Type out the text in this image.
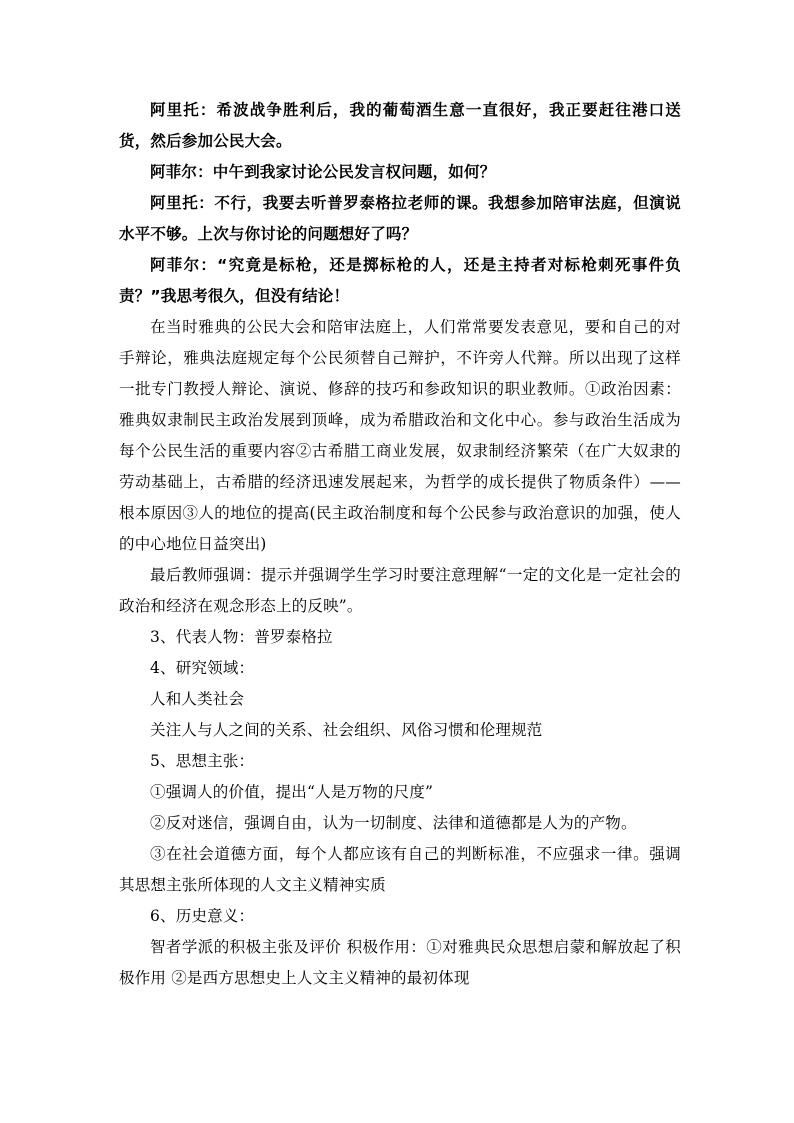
阿里托：希波战争胜利后，我的葡萄酒生意一直很好，我正要赶往港口送货，然后参加公民大会。

阿菲尔：中午到我家讨论公民发言权问题，如何？

阿里托：不行，我要去听普罗泰格拉老师的课。我想参加陪审法庭，但演说水平不够。上次与你讨论的问题想好了吗？

阿菲尔：“究竟是标枪，还是掷标枪的人，还是主持者对标枪刺死事件负责？”我思考很久，但没有结论！

在当时雅典的公民大会和陪审法庭上，人们常常要发表意见，要和自己的对手辩论，雅典法庭规定每个公民须替自己辩护，不许旁人代辩。所以出现了这样一批专门教授人辩论、演说、修辞的技巧和参政知识的职业教师。①政治因素：雅典奴隶制民主政治发展到顶峰，成为希腊政治和文化中心。参与政治生活成为每个公民生活的重要内容②古希腊工商业发展，奴隶制经济繁荣（在广大奴隶的劳动基础上，古希腊的经济迅速发展起来，为哲学的成长提供了物质条件）——根本原因③人的地位的提高(民主政治制度和每个公民参与政治意识的加强，使人的中心地位日益突出)

最后教师强调：提示并强调学生学习时要注意理解“一定的文化是一定社会的政治和经济在观念形态上的反映”。

3、代表人物：普罗泰格拉

4、研究领域：

人和人类社会

关注人与人之间的关系、社会组织、风俗习惯和伦理规范

5、思想主张：

①强调人的价值，提出“人是万物的尺度”

②反对迷信，强调自由，认为一切制度、法律和道德都是人为的产物。

③在社会道德方面，每个人都应该有自己的判断标准，不应强求一律。强调其思想主张所体现的人文主义精神实质

6、历史意义：

智者学派的积极主张及评价 积极作用：①对雅典民众思想启蒙和解放起了积极作用 ②是西方思想史上人文主义精神的最初体现
